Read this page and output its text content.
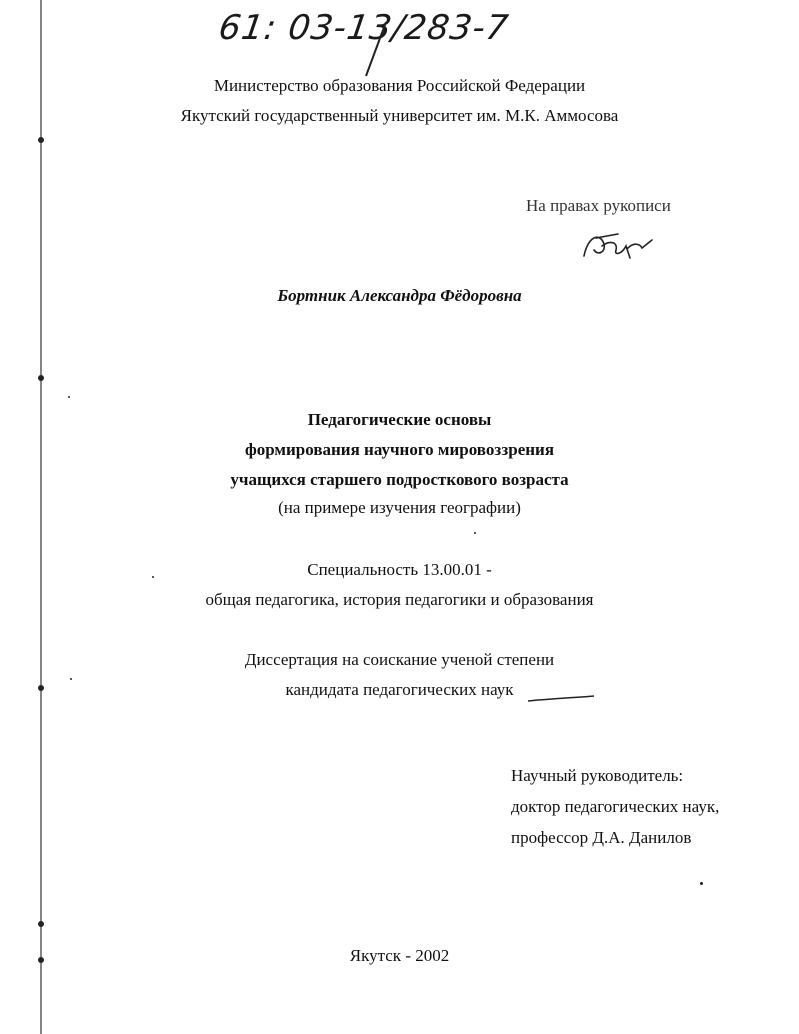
61: 03-13/283-7
Министерство образования Российской Федерации
Якутский государственный университет им. М.К. Аммосова
На правах рукописи
Бортник Александра Фёдоровна
Педагогические основы
формирования научного мировоззрения
учащихся старшего подросткового возраста
(на примере изучения географии)
Специальность 13.00.01 -
общая педагогика, история педагогики и образования
Диссертация на соискание ученой степени
кандидата педагогических наук
Научный руководитель:
доктор педагогических наук,
профессор Д.А. Данилов
Якутск - 2002
